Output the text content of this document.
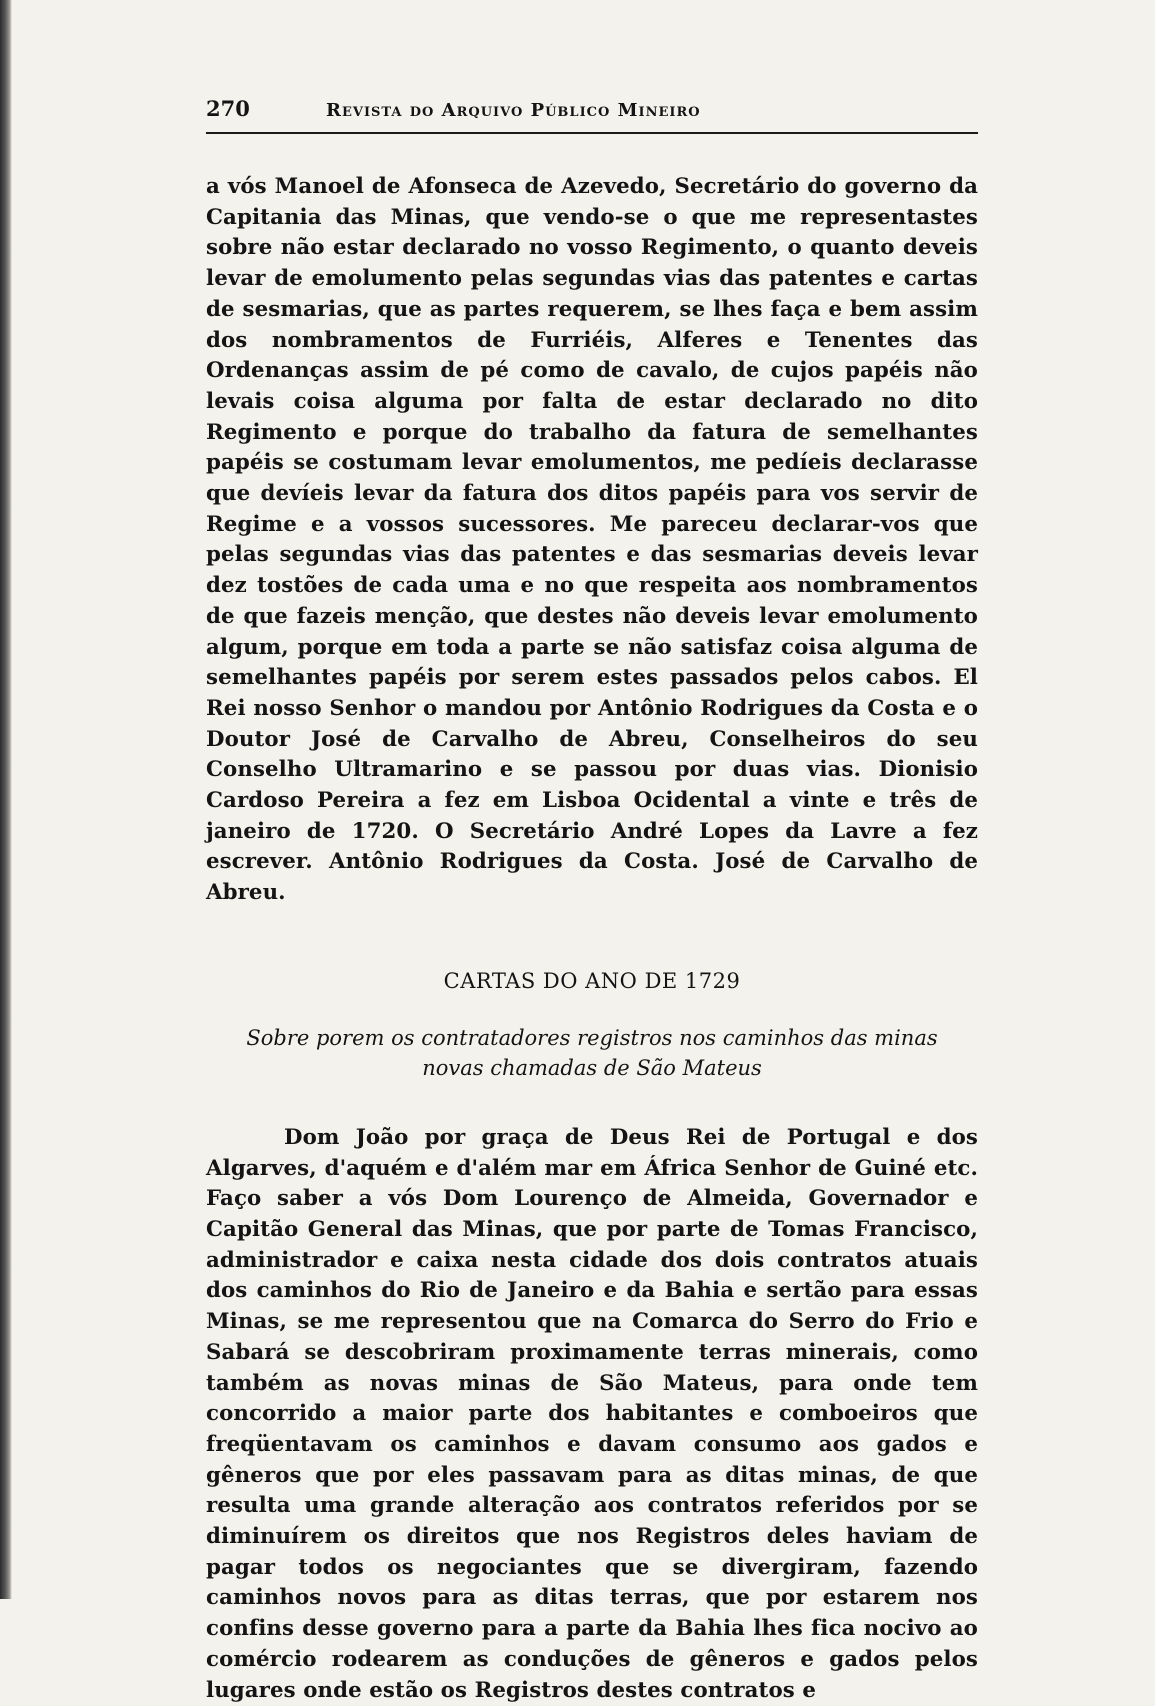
270	Revista do Arquivo Público Mineiro

a vós Manoel de Afonseca de Azevedo, Secretário do governo da Capitania das Minas, que vendo-se o que me representastes sobre não estar declarado no vosso Regimento, o quanto deveis levar de emolumento pelas segundas vias das patentes e cartas de sesmarias, que as partes requerem, se lhes faça e bem assim dos nombramentos de Furriéis, Alferes e Tenentes das Ordenanças assim de pé como de cavalo, de cujos papéis não levais coisa alguma por falta de estar declarado no dito Regimento e porque do trabalho da fatura de semelhantes papéis se costumam levar emolumentos, me pedíeis declarasse que devíeis levar da fatura dos ditos papéis para vos servir de Regime e a vossos sucessores. Me pareceu declarar-vos que pelas segundas vias das patentes e das sesmarias deveis levar dez tostões de cada uma e no que respeita aos nombramentos de que fazeis menção, que destes não deveis levar emolumento algum, porque em toda a parte se não satisfaz coisa alguma de semelhantes papéis por serem estes passados pelos cabos. El Rei nosso Senhor o mandou por Antônio Rodrigues da Costa e o Doutor José de Carvalho de Abreu, Conselheiros do seu Conselho Ultramarino e se passou por duas vias. Dionisio Cardoso Pereira a fez em Lisboa Ocidental a vinte e três de janeiro de 1720. O Secretário André Lopes da Lavre a fez escrever. Antônio Rodrigues da Costa. José de Carvalho de Abreu.

CARTAS DO ANO DE 1729
Sobre porem os contratadores registros nos caminhos das minas
novas chamadas de São Mateus

Dom João por graça de Deus Rei de Portugal e dos Algarves, d'aquém e d'além mar em África Senhor de Guiné etc. Faço saber a vós Dom Lourenço de Almeida, Governador e Capitão General das Minas, que por parte de Tomas Francisco, administrador e caixa nesta cidade dos dois contratos atuais dos caminhos do Rio de Janeiro e da Bahia e sertão para essas Minas, se me representou que na Comarca do Serro do Frio e Sabará se descobriram proximamente terras minerais, como também as novas minas de São Mateus, para onde tem concorrido a maior parte dos habitantes e comboeiros que freqüentavam os caminhos e davam consumo aos gados e gêneros que por eles passavam para as ditas minas, de que resulta uma grande alteração aos contratos referidos por se diminuírem os direitos que nos Registros deles haviam de pagar todos os negociantes que se divergiram, fazendo caminhos novos para as ditas terras, que por estarem nos confins desse governo para a parte da Bahia lhes fica nocivo ao comércio rodearem as conduções de gêneros e gados pelos lugares onde estão os Registros destes contratos e
